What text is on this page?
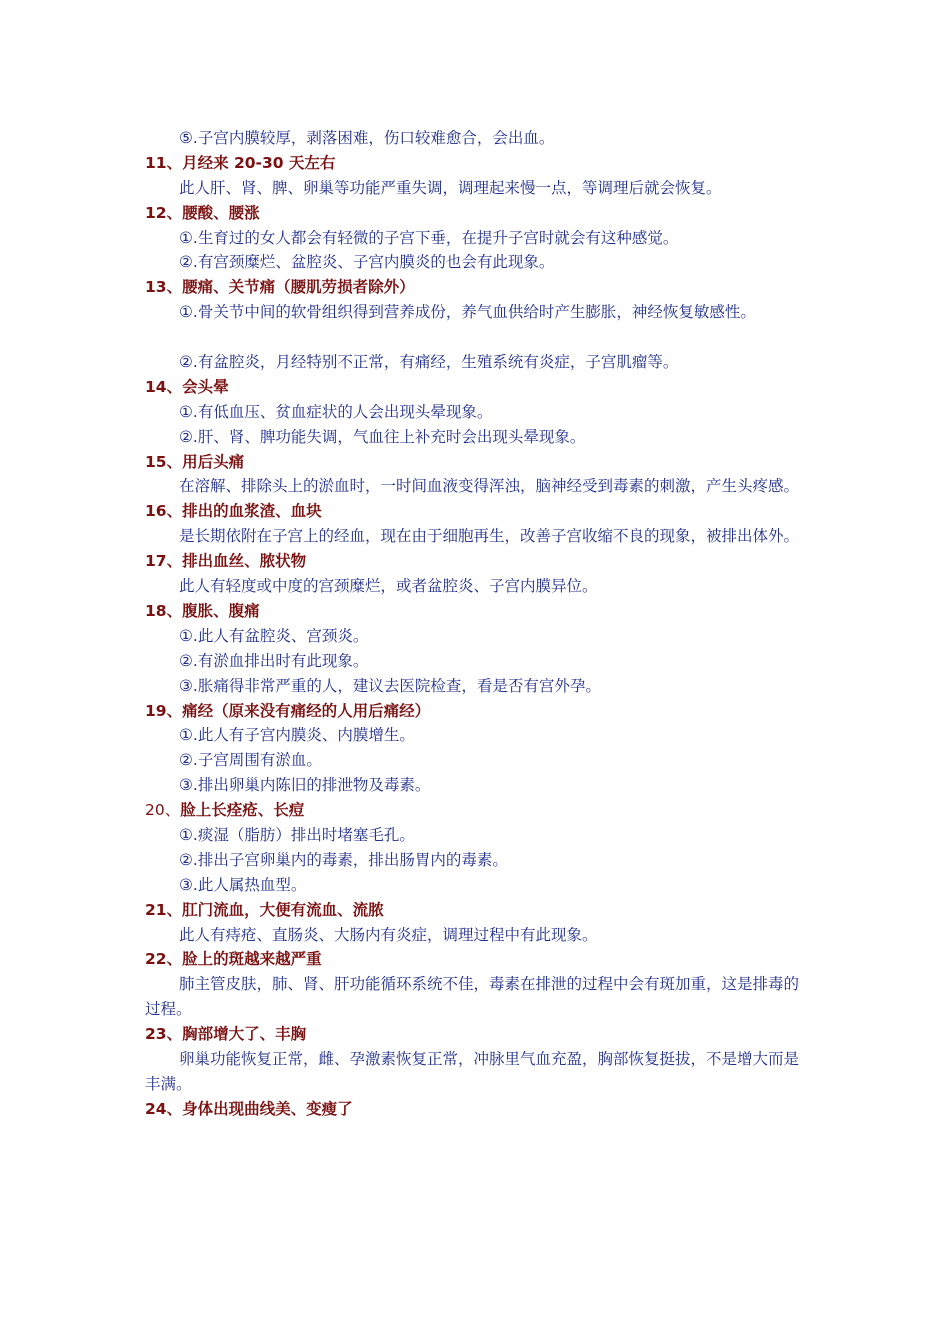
⑤.子宫内膜较厚，剥落困难，伤口较难愈合，会出血。
11、月经来 20-30 天左右
此人肝、肾、脾、卵巢等功能严重失调，调理起来慢一点，等调理后就会恢复。
12、腰酸、腰涨
①.生育过的女人都会有轻微的子宫下垂，在提升子宫时就会有这种感觉。
②.有宫颈糜烂、盆腔炎、子宫内膜炎的也会有此现象。
13、腰痛、关节痛（腰肌劳损者除外）
①.骨关节中间的软骨组织得到营养成份，养气血供给时产生膨胀，神经恢复敏感性。
②.有盆腔炎，月经特别不正常，有痛经，生殖系统有炎症，子宫肌瘤等。
14、会头晕
①.有低血压、贫血症状的人会出现头晕现象。
②.肝、肾、脾功能失调，气血往上补充时会出现头晕现象。
15、用后头痛
在溶解、排除头上的淤血时，一时间血液变得浑浊，脑神经受到毒素的刺激，产生头疼感。
16、排出的血浆渣、血块
是长期依附在子宫上的经血，现在由于细胞再生，改善子宫收缩不良的现象，被排出体外。
17、排出血丝、脓状物
此人有轻度或中度的宫颈糜烂，或者盆腔炎、子宫内膜异位。
18、腹胀、腹痛
①.此人有盆腔炎、宫颈炎。
②.有淤血排出时有此现象。
③.胀痛得非常严重的人，建议去医院检查，看是否有宫外孕。
19、痛经（原来没有痛经的人用后痛经）
①.此人有子宫内膜炎、内膜增生。
②.子宫周围有淤血。
③.排出卵巢内陈旧的排泄物及毒素。
20、脸上长痊疮、长痘
①.痰湿（脂肪）排出时堵塞毛孔。
②.排出子宫卵巢内的毒素，排出肠胃内的毒素。
③.此人属热血型。
21、肛门流血，大便有流血、流脓
此人有痔疮、直肠炎、大肠内有炎症，调理过程中有此现象。
22、脸上的斑越来越严重
肺主管皮肤，肺、肾、肝功能循环系统不佳，毒素在排泄的过程中会有斑加重，这是排毒的过程。
23、胸部增大了、丰胸
卵巢功能恢复正常，雌、孕激素恢复正常，冲脉里气血充盈，胸部恢复挺拔，不是增大而是丰满。
24、身体出现曲线美、变瘦了
